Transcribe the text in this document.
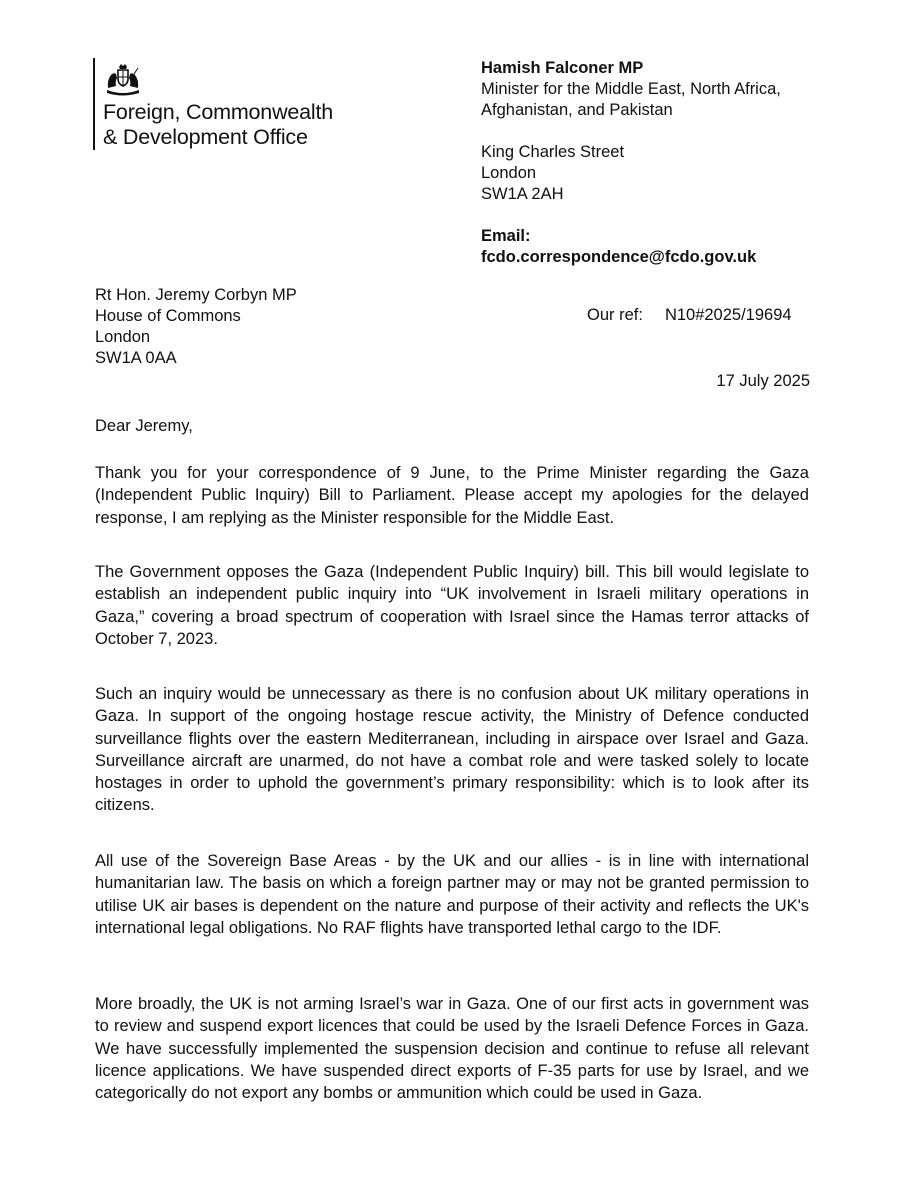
Foreign, Commonwealth
& Development Office
Hamish Falconer MP
Minister for the Middle East, North Africa,
Afghanistan, and Pakistan
King Charles Street
London
SW1A 2AH
Email:
fcdo.correspondence@fcdo.gov.uk
Rt Hon. Jeremy Corbyn MP
House of Commons
London
SW1A 0AA
Our ref: N10#2025/19694
17 July 2025
Dear Jeremy,
Thank you for your correspondence of 9 June, to the Prime Minister regarding the Gaza (Independent Public Inquiry) Bill to Parliament. Please accept my apologies for the delayed response, I am replying as the Minister responsible for the Middle East.
The Government opposes the Gaza (Independent Public Inquiry) bill. This bill would legislate to establish an independent public inquiry into “UK involvement in Israeli military operations in Gaza,” covering a broad spectrum of cooperation with Israel since the Hamas terror attacks of October 7, 2023.
Such an inquiry would be unnecessary as there is no confusion about UK military operations in Gaza. In support of the ongoing hostage rescue activity, the Ministry of Defence conducted surveillance flights over the eastern Mediterranean, including in airspace over Israel and Gaza. Surveillance aircraft are unarmed, do not have a combat role and were tasked solely to locate hostages in order to uphold the government’s primary responsibility: which is to look after its citizens.
All use of the Sovereign Base Areas - by the UK and our allies - is in line with international humanitarian law. The basis on which a foreign partner may or may not be granted permission to utilise UK air bases is dependent on the nature and purpose of their activity and reflects the UK's international legal obligations. No RAF flights have transported lethal cargo to the IDF.
More broadly, the UK is not arming Israel’s war in Gaza. One of our first acts in government was to review and suspend export licences that could be used by the Israeli Defence Forces in Gaza. We have successfully implemented the suspension decision and continue to refuse all relevant licence applications. We have suspended direct exports of F-35 parts for use by Israel, and we categorically do not export any bombs or ammunition which could be used in Gaza.
